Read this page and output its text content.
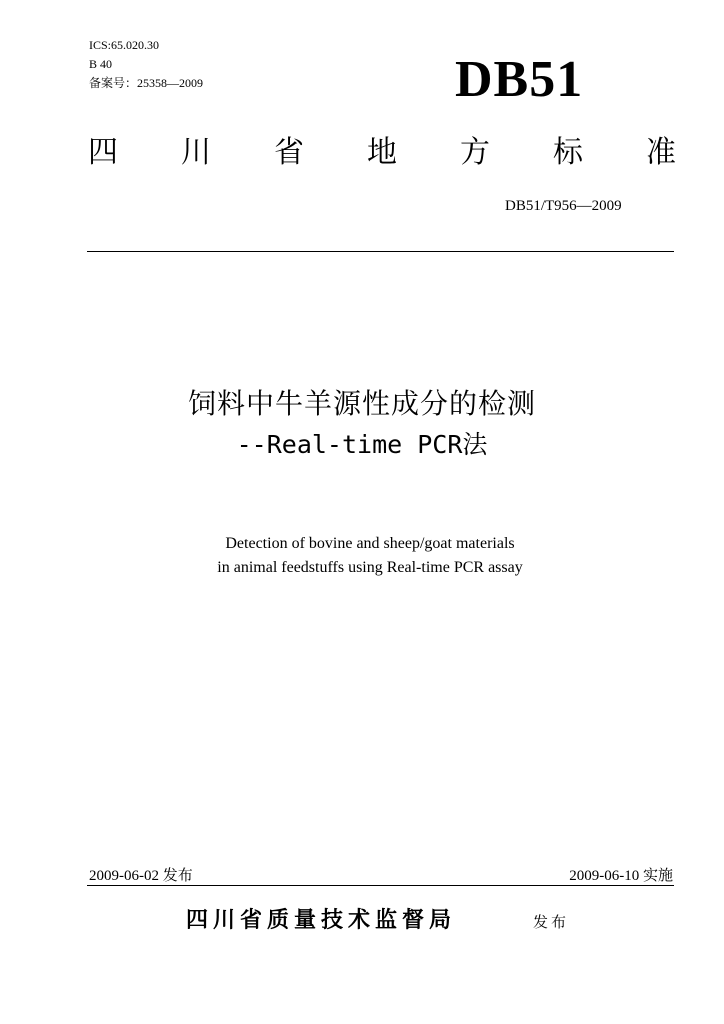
ICS:65.020.30
B 40
备案号：25358—2009	DB51
四 川 省 地 方 标 准
DB51/T956—2009
饲料中牛羊源性成分的检测
--Real-time PCR法
Detection of bovine and sheep/goat materials
in animal feedstuffs using Real-time PCR assay
2009-06-02 发布	2009-06-10 实施
四川省质量技术监督局	发布
